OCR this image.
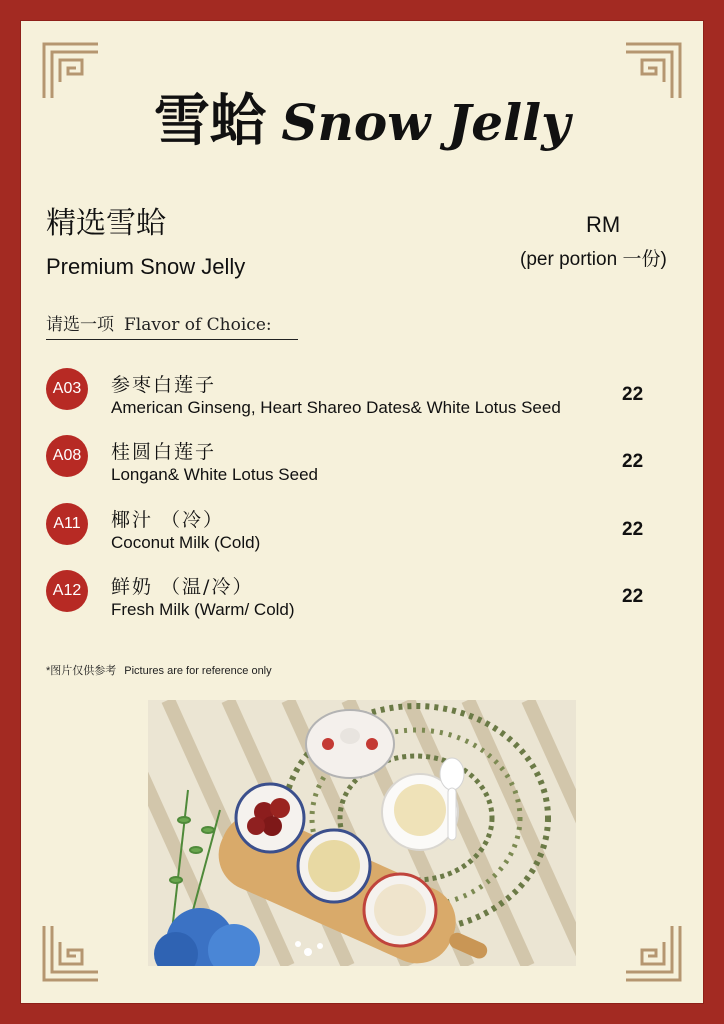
雪蛤 Snow Jelly
精选雪蛤
Premium Snow Jelly
RM
(per portion 一份)
请选一项 Flavor of Choice:
A03	参枣白莲子
American Ginseng, Heart Shareo Dates& White Lotus Seed
22
A08	桂圆白莲子
Longan& White Lotus Seed
22
A11	椰汁 （冷）
Coconut Milk (Cold)
22
A12	鲜奶 （温/冷）
Fresh Milk (Warm/ Cold)
22
*图片仅供参考 Pictures are for reference only
